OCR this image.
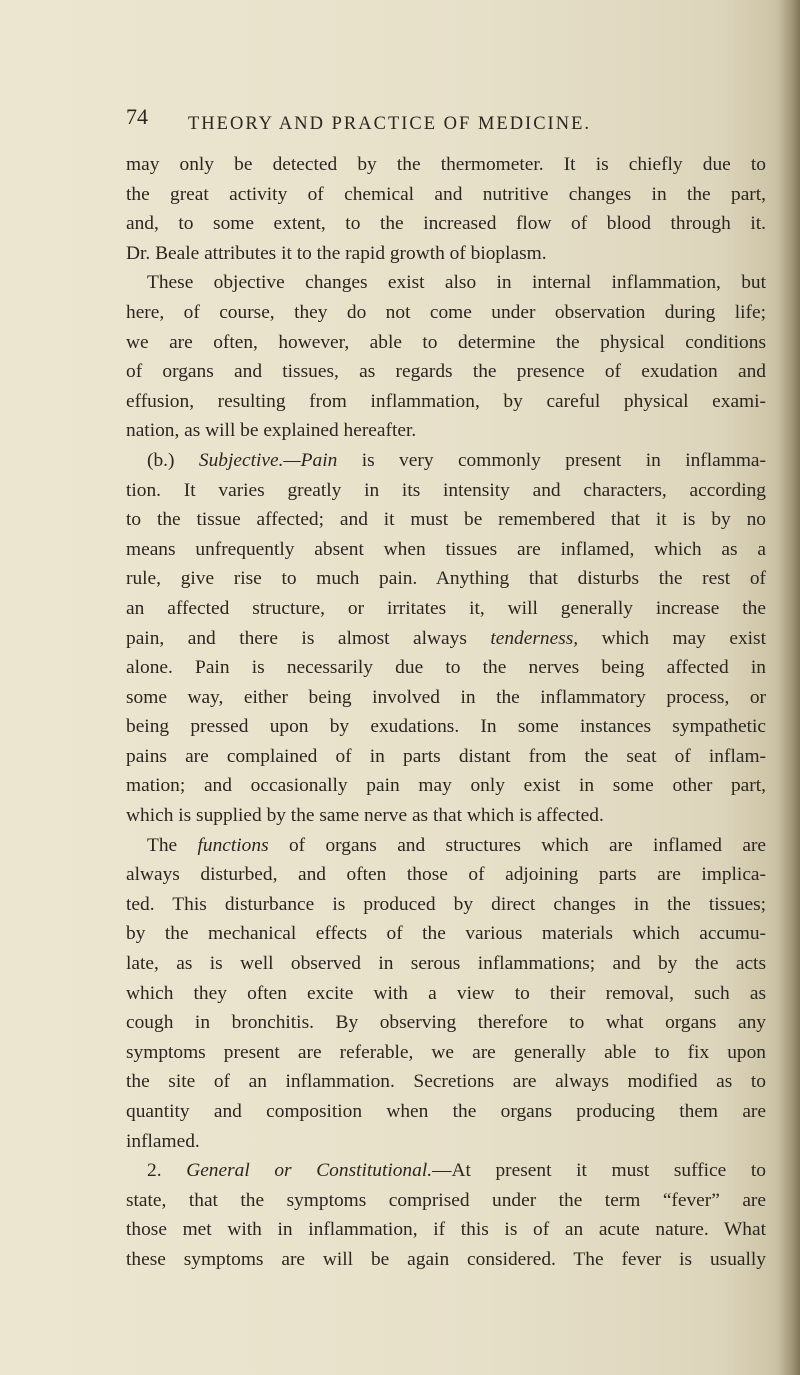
74 THEORY AND PRACTICE OF MEDICINE.
may only be detected by the thermometer. It is chiefly due to
the great activity of chemical and nutritive changes in the part,
and, to some extent, to the increased flow of blood through it.
Dr. Beale attributes it to the rapid growth of bioplasm.
These objective changes exist also in internal inflammation, but
here, of course, they do not come under observation during life;
we are often, however, able to determine the physical conditions
of organs and tissues, as regards the presence of exudation and
effusion, resulting from inflammation, by careful physical exami-
nation, as will be explained hereafter.
(b.) Subjective.—Pain is very commonly present in inflamma-
tion. It varies greatly in its intensity and characters, according
to the tissue affected; and it must be remembered that it is by no
means unfrequently absent when tissues are inflamed, which as a
rule, give rise to much pain. Anything that disturbs the rest of
an affected structure, or irritates it, will generally increase the
pain, and there is almost always tenderness, which may exist
alone. Pain is necessarily due to the nerves being affected in
some way, either being involved in the inflammatory process, or
being pressed upon by exudations. In some instances sympathetic
pains are complained of in parts distant from the seat of inflam-
mation; and occasionally pain may only exist in some other part,
which is supplied by the same nerve as that which is affected.
The functions of organs and structures which are inflamed are
always disturbed, and often those of adjoining parts are implica-
ted. This disturbance is produced by direct changes in the tissues;
by the mechanical effects of the various materials which accumu-
late, as is well observed in serous inflammations; and by the acts
which they often excite with a view to their removal, such as
cough in bronchitis. By observing therefore to what organs any
symptoms present are referable, we are generally able to fix upon
the site of an inflammation. Secretions are always modified as to
quantity and composition when the organs producing them are
inflamed.
2. General or Constitutional.—At present it must suffice to
state, that the symptoms comprised under the term “fever” are
those met with in inflammation, if this is of an acute nature. What
these symptoms are will be again considered. The fever is usually
